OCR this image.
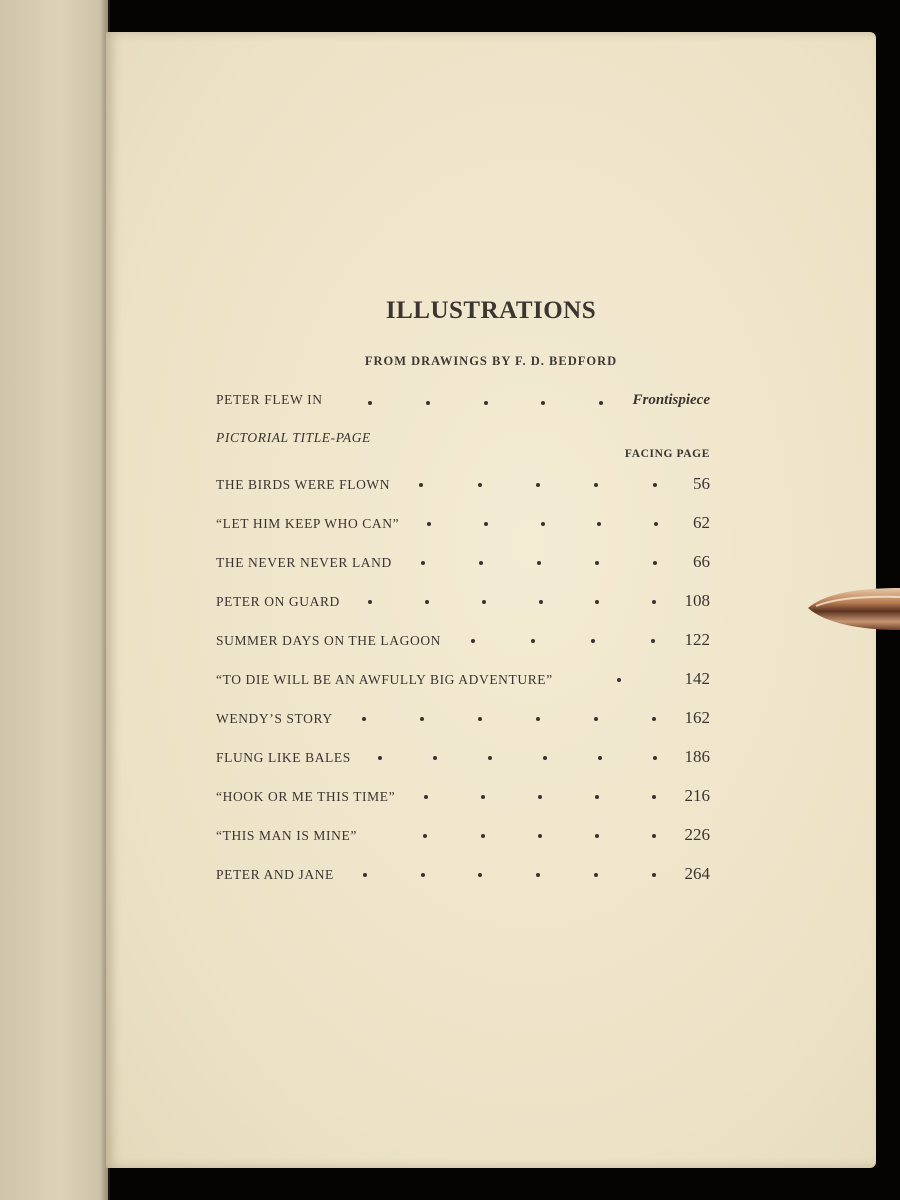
ILLUSTRATIONS
FROM DRAWINGS BY F. D. BEDFORD
PETER FLEW IN	Frontispiece
PICTORIAL TITLE-PAGE
FACING PAGE
THE BIRDS WERE FLOWN	56
“LET HIM KEEP WHO CAN”	62
THE NEVER NEVER LAND	66
PETER ON GUARD	108
SUMMER DAYS ON THE LAGOON	122
“TO DIE WILL BE AN AWFULLY BIG ADVENTURE”	142
WENDY’S STORY	162
FLUNG LIKE BALES	186
“HOOK OR ME THIS TIME”	216
“THIS MAN IS MINE”	226
PETER AND JANE	264
